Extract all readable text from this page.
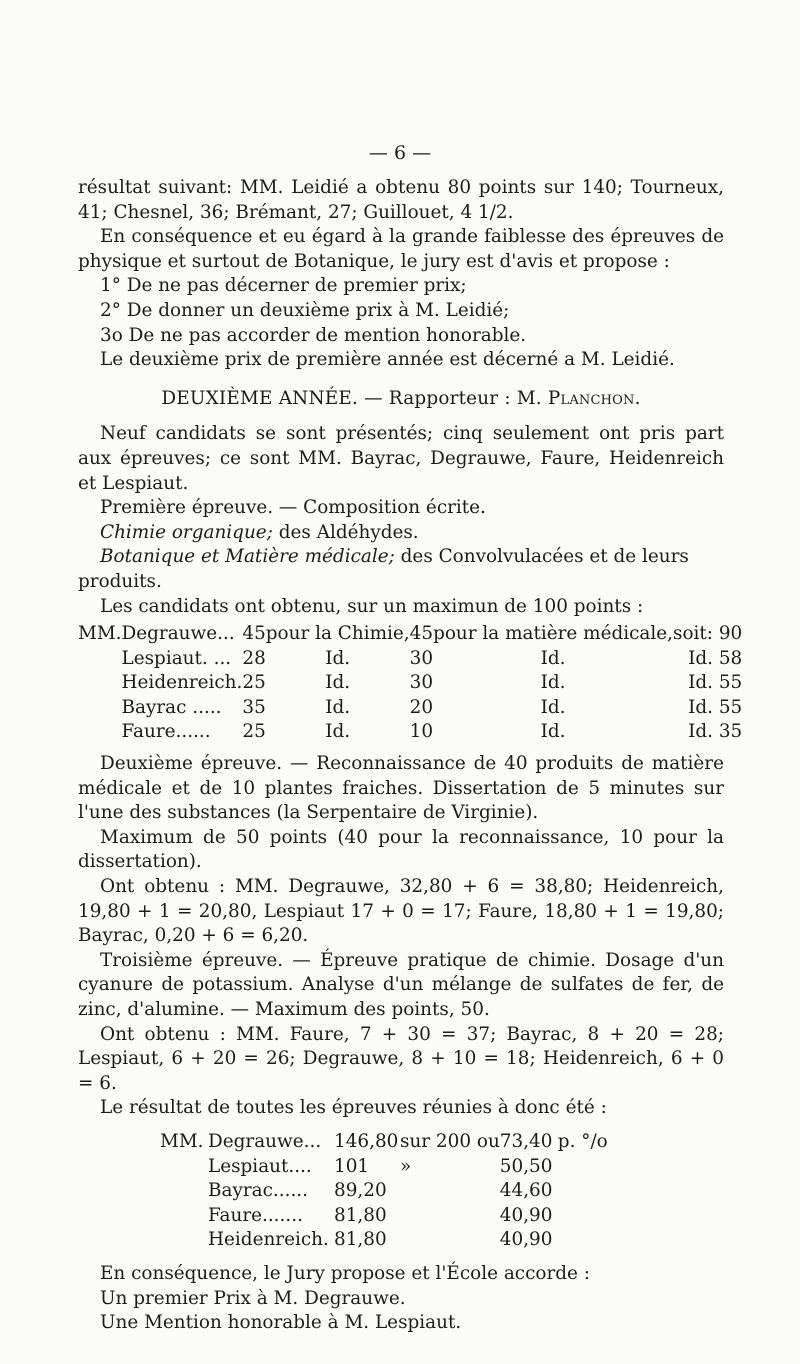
— 6 —

résultat suivant: MM. Leidié a obtenu 80 points sur 140; Tourneux, 41; Chesnel, 36; Brémant, 27; Guillouet, 4 1/2.

En conséquence et eu égard à la grande faiblesse des épreuves de physique et surtout de Botanique, le jury est d'avis et propose :

1° De ne pas décerner de premier prix;

2° De donner un deuxième prix à M. Leidié;

3o De ne pas accorder de mention honorable.

Le deuxième prix de première année est décerné a M. Leidié.

DEUXIÈME ANNÉE. — Rapporteur : M. Planchon.

Neuf candidats se sont présentés; cinq seulement ont pris part aux épreuves; ce sont MM. Bayrac, Degrauwe, Faure, Heidenreich et Lespiaut.

Première épreuve. — Composition écrite.

Chimie organique; des Aldéhydes.

Botanique et Matière médicale; des Convolvulacées et de leurs produits.

Les candidats ont obtenu, sur un maximun de 100 points :

MM.	Degrauwe...	45	pour la Chimie,	45	pour la matière médicale,	soit: 90
	Lespiaut. ...	28	Id.	30	Id.	Id. 58
	Heidenreich.	25	Id.	30	Id.	Id. 55
	Bayrac .....	35	Id.	20	Id.	Id. 55
	Faure......	25	Id.	10	Id.	Id. 35

Deuxième épreuve. — Reconnaissance de 40 produits de matière médicale et de 10 plantes fraiches. Dissertation de 5 minutes sur l'une des substances (la Serpentaire de Virginie).

Maximum de 50 points (40 pour la reconnaissance, 10 pour la dissertation).

Ont obtenu : MM. Degrauwe, 32,80 + 6 = 38,80; Heidenreich, 19,80 + 1 = 20,80, Lespiaut 17 + 0 = 17; Faure, 18,80 + 1 = 19,80; Bayrac, 0,20 + 6 = 6,20.

Troisième épreuve. — Épreuve pratique de chimie. Dosage d'un cyanure de potassium. Analyse d'un mélange de sulfates de fer, de zinc, d'alumine. — Maximum des points, 50.

Ont obtenu : MM. Faure, 7 + 30 = 37; Bayrac, 8 + 20 = 28; Lespiaut, 6 + 20 = 26; Degrauwe, 8 + 10 = 18; Heidenreich, 6 + 0 = 6.

Le résultat de toutes les épreuves réunies à donc été :

MM.	Degrauwe...	146,80	sur 200 ou	73,40	p. °/o
	Lespiaut....	101	»	50,50	
	Bayrac......	89,20		44,60	
	Faure.......	81,80		40,90	
	Heidenreich.	81,80		40,90	

En conséquence, le Jury propose et l'École accorde :

Un premier Prix à M. Degrauwe.

Une Mention honorable à M. Lespiaut.
